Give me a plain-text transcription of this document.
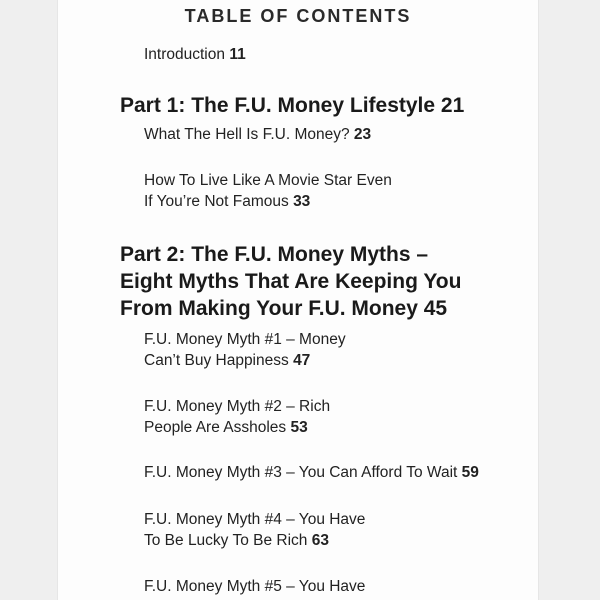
TABLE OF CONTENTS
Introduction 11
Part 1: The F.U. Money Lifestyle 21
What The Hell Is F.U. Money? 23
How To Live Like A Movie Star Even
If You’re Not Famous 33
Part 2: The F.U. Money Myths –
Eight Myths That Are Keeping You
From Making Your F.U. Money 45
F.U. Money Myth #1 – Money
Can’t Buy Happiness 47
F.U. Money Myth #2 – Rich
People Are Assholes 53
F.U. Money Myth #3 – You Can Afford To Wait 59
F.U. Money Myth #4 – You Have
To Be Lucky To Be Rich 63
F.U. Money Myth #5 – You Have
